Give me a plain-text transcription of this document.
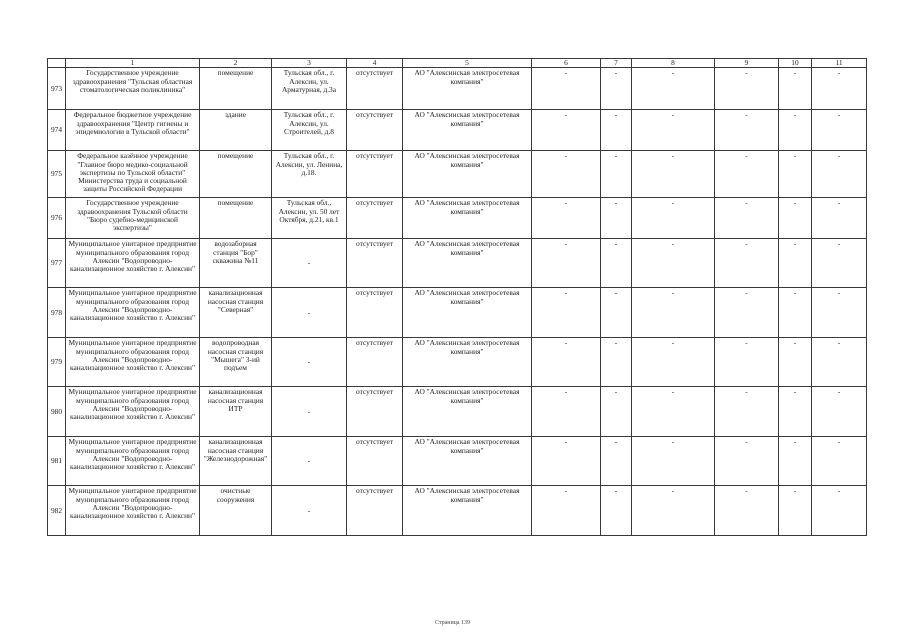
	1	2	3	4	5	6	7	8	9	10	11
973	Государственное учреждение здравоохранения "Тульская областная стоматологическая поликлиника"	помещение	Тульская обл., г. Алексин, ул. Арматурная, д.3а	отсутствует	АО "Алексинская электросетевая компания"	-	-	-	-	-	-
974	Федеральное бюджетное учреждение здравоохранения "Центр гигиены и эпидемиологии в Тульской области"	здание	Тульская обл., г. Алексин, ул. Строителей, д.8	отсутствует	АО "Алексинская электросетевая компания"	-	-	-	-	-	-
975	Федеральное казённое учреждение "Главное бюро медико-социальной экспертизы по Тульской области" Министерства труда и социальной защиты Российской Федерации	помещение	Тульская обл., г. Алексин, ул. Ленина, д.18.	отсутствует	АО "Алексинская электросетевая компания"	-	-	-	-	-	-
976	Государственное учреждение здравоохранения Тульской области "Бюро судебно-медицинской экспертизы"	помещение	Тульская обл., Алексин, ул. 50 лет Октября, д.21, кв.1	отсутствует	АО "Алексинская электросетевая компания"	-	-	-	-	-	-
977	Муниципальное унитарное предприятие муниципального образования город Алексин "Водопроводно-канализационное хозяйство г. Алексин"	водозаборная станция "Бор" скважина №11	-	отсутствует	АО "Алексинская электросетевая компания"	-	-	-	-	-	-
978	Муниципальное унитарное предприятие муниципального образования город Алексин "Водопроводно-канализационное хозяйство г. Алексин"	канализационная насосная станция "Северная"	-	отсутствует	АО "Алексинская электросетевая компания"	-	-	-	-	-	-
979	Муниципальное унитарное предприятие муниципального образования город Алексин "Водопроводно-канализационное хозяйство г. Алексин"	водопроводная насосная станция "Мышега" 3-ий подъем	-	отсутствует	АО "Алексинская электросетевая компания"	-	-	-	-	-	-
980	Муниципальное унитарное предприятие муниципального образования город Алексин "Водопроводно-канализационное хозяйство г. Алексин"	канализационная насосная станция ИТР	-	отсутствует	АО "Алексинская электросетевая компания"	-	-	-	-	-	-
981	Муниципальное унитарное предприятие муниципального образования город Алексин "Водопроводно-канализационное хозяйство г. Алексин"	канализационная насосная станция "Железнодорожная"	-	отсутствует	АО "Алексинская электросетевая компания"	-	-	-	-	-	-
982	Муниципальное унитарное предприятие муниципального образования город Алексин "Водопроводно-канализационное хозяйство г. Алексин"	очистные сооружения	-	отсутствует	АО "Алексинская электросетевая компания"	-	-	-	-	-	-
Страница 139
